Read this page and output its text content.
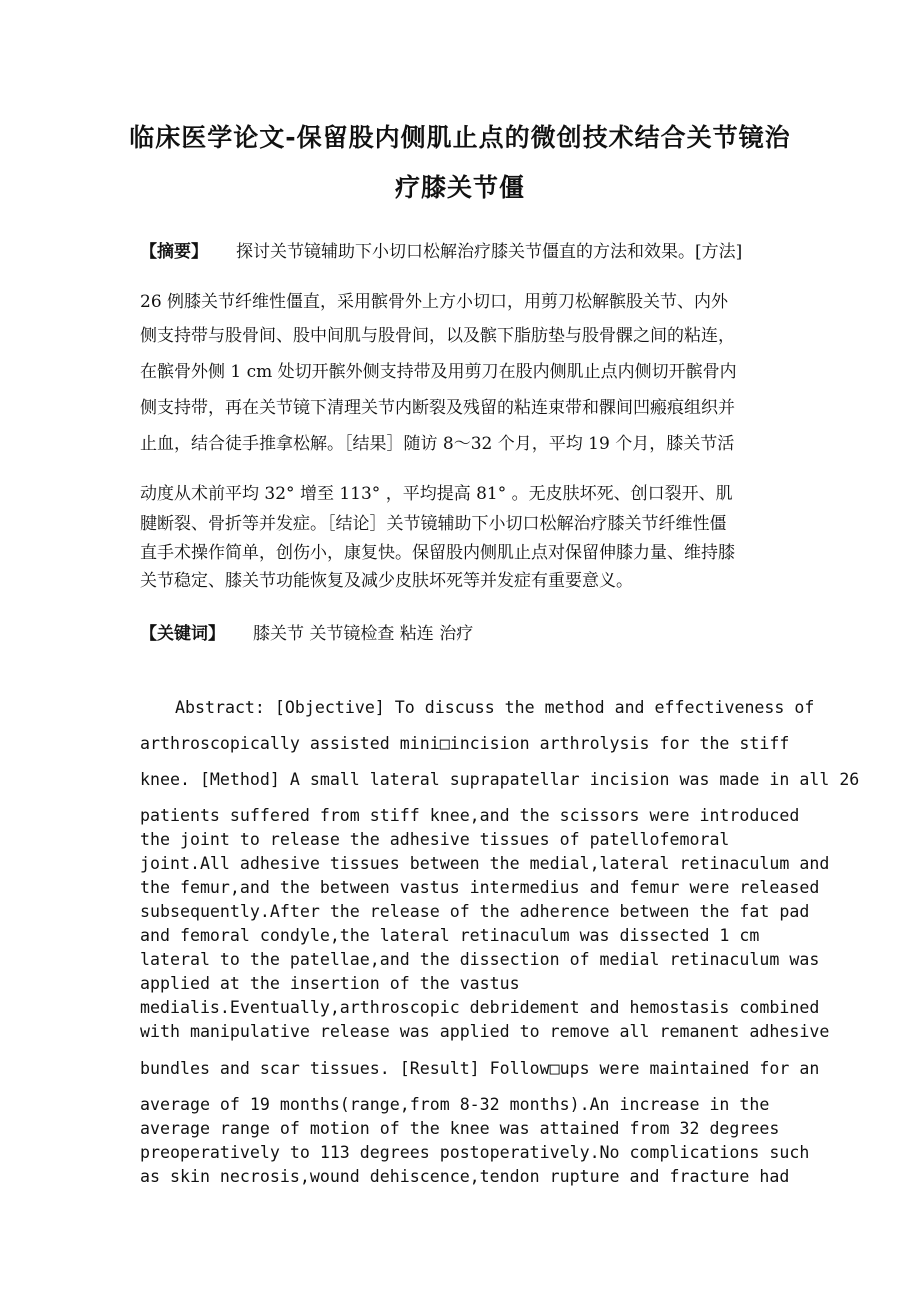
临床医学论文-保留股内侧肌止点的微创技术结合关节镜治
疗膝关节僵
【摘要】 探讨关节镜辅助下小切口松解治疗膝关节僵直的方法和效果。[方法]
26 例膝关节纤维性僵直，采用髌骨外上方小切口，用剪刀松解髌股关节、内外
侧支持带与股骨间、股中间肌与股骨间，以及髌下脂肪垫与股骨髁之间的粘连，
在髌骨外侧 1 cm 处切开髌外侧支持带及用剪刀在股内侧肌止点内侧切开髌骨内
侧支持带，再在关节镜下清理关节内断裂及残留的粘连束带和髁间凹瘢痕组织并
止血，结合徒手推拿松解。［结果］随访 8～32 个月，平均 19 个月，膝关节活
动度从术前平均 32° 增至 113° ，平均提高 81° 。无皮肤坏死、创口裂开、肌
腱断裂、骨折等并发症。［结论］关节镜辅助下小切口松解治疗膝关节纤维性僵
直手术操作简单，创伤小，康复快。保留股内侧肌止点对保留伸膝力量、维持膝
关节稳定、膝关节功能恢复及减少皮肤坏死等并发症有重要意义。
【关键词】 膝关节 关节镜检查 粘连 治疗
Abstract: [Objective] To discuss the method and effectiveness of
arthroscopically assisted mini□incision arthrolysis for the stiff
knee. [Method] A small lateral suprapatellar incision was made in all 26
patients suffered from stiff knee,and the scissors were introduced
the joint to release the adhesive tissues of patellofemoral
joint.All adhesive tissues between the medial,lateral retinaculum and
the femur,and the between vastus intermedius and femur were released
subsequently.After the release of the adherence between the fat pad
and femoral condyle,the lateral retinaculum was dissected 1 cm
lateral to the patellae,and the dissection of medial retinaculum was
applied at the insertion of the vastus
medialis.Eventually,arthroscopic debridement and hemostasis combined
with manipulative release was applied to remove all remanent adhesive
bundles and scar tissues. [Result] Follow□ups were maintained for an
average of 19 months(range,from 8-32 months).An increase in the
average range of motion of the knee was attained from 32 degrees
preoperatively to 113 degrees postoperatively.No complications such
as skin necrosis,wound dehiscence,tendon rupture and fracture had
